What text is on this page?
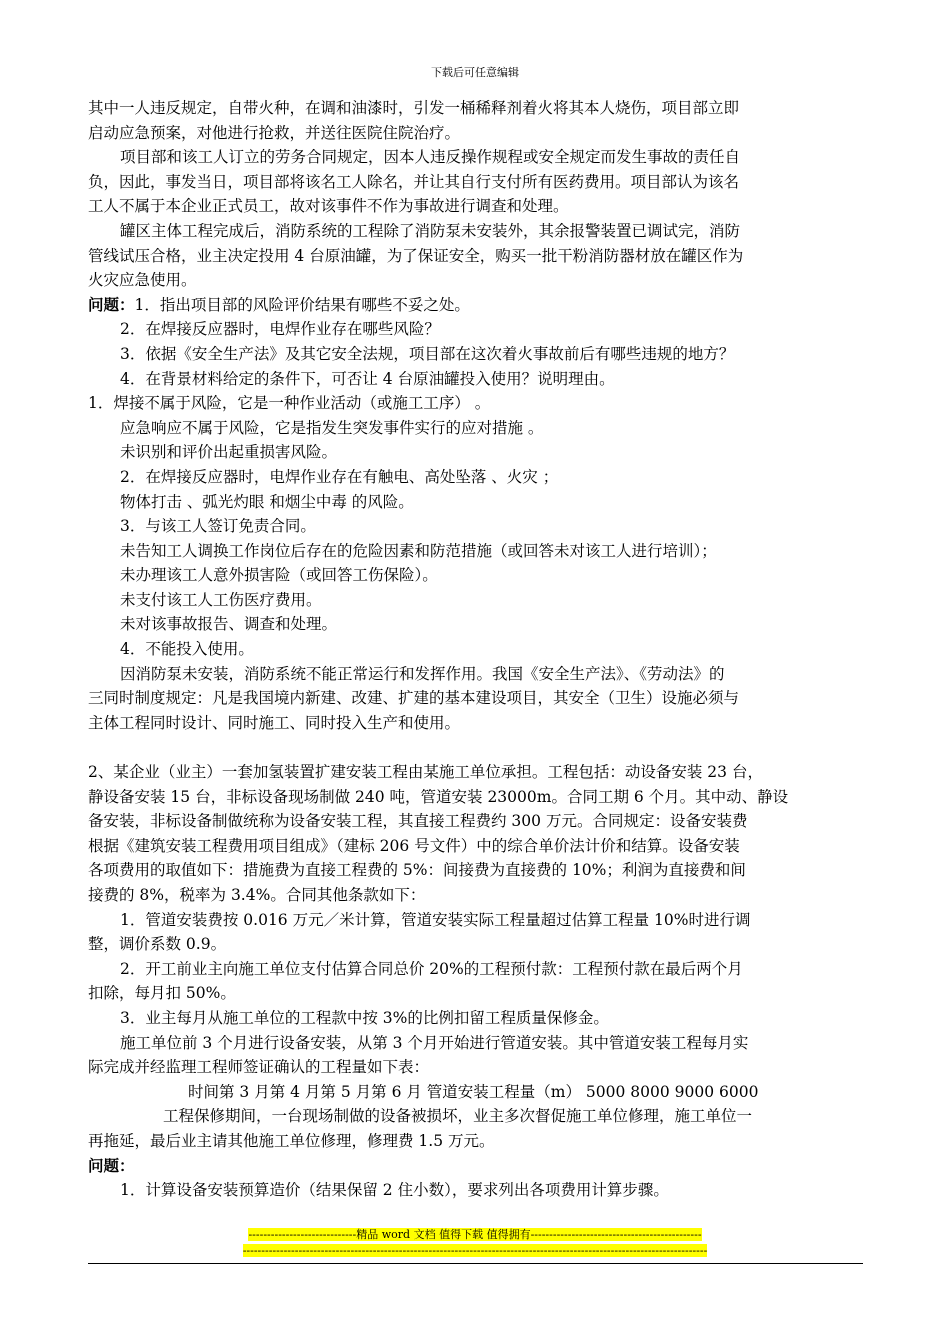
下载后可任意编辑

其中一人违反规定，自带火种，在调和油漆时，引发一桶稀释剂着火将其本人烧伤，项目部立即

启动应急预案，对他进行抢救，并送往医院住院治疗。

项目部和该工人订立的劳务合同规定，因本人违反操作规程或安全规定而发生事故的责任自

负，因此，事发当日，项目部将该名工人除名，并让其自行支付所有医药费用。项目部认为该名

工人不属于本企业正式员工，故对该事件不作为事故进行调查和处理。

罐区主体工程完成后，消防系统的工程除了消防泵未安装外，其余报警装置已调试完，消防

管线试压合格，业主决定投用 4 台原油罐，为了保证安全，购买一批干粉消防器材放在罐区作为

火灾应急使用。

问题：1．指出项目部的风险评价结果有哪些不妥之处。

2．在焊接反应器时，电焊作业存在哪些风险？

3．依据《安全生产法》及其它安全法规，项目部在这次着火事故前后有哪些违规的地方？

4．在背景材料给定的条件下，可否让 4 台原油罐投入使用？说明理由。

1．焊接不属于风险，它是一种作业活动（或施工工序） 。

应急响应不属于风险，它是指发生突发事件实行的应对措施 。

未识别和评价出起重损害风险。

2．在焊接反应器时，电焊作业存在有触电、高处坠落 、火灾 ；

物体打击 、弧光灼眼 和烟尘中毒 的风险。

3．与该工人签订免责合同。

未告知工人调换工作岗位后存在的危险因素和防范措施（或回答未对该工人进行培训）；

未办理该工人意外损害险（或回答工伤保险）。

未支付该工人工伤医疗费用。

未对该事故报告、调查和处理。

4．不能投入使用。

因消防泵未安装，消防系统不能正常运行和发挥作用。我国《安全生产法》、《劳动法》的

三同时制度规定：凡是我国境内新建、改建、扩建的基本建设项目，其安全（卫生）设施必须与

主体工程同时设计、同时施工、同时投入生产和使用。

2、某企业（业主）一套加氢装置扩建安装工程由某施工单位承担。工程包括：动设备安装 23 台，

静设备安装 15 台，非标设备现场制做 240 吨，管道安装 23000m。合同工期 6 个月。其中动、静设

备安装，非标设备制做统称为设备安装工程，其直接工程费约 300 万元。合同规定：设备安装费

根据《建筑安装工程费用项目组成》（建标 206 号文件）中的综合单价法计价和结算。设备安装

各项费用的取值如下：措施费为直接工程费的 5%：间接费为直接费的 10%；利润为直接费和间

接费的 8%，税率为 3.4%。合同其他条款如下：

1．管道安装费按 0.016 万元／米计算，管道安装实际工程量超过估算工程量 10%时进行调

整，调价系数 0.9。

2．开工前业主向施工单位支付估算合同总价 20%的工程预付款：工程预付款在最后两个月

扣除，每月扣 50%。

3．业主每月从施工单位的工程款中按 3%的比例扣留工程质量保修金。

施工单位前 3 个月进行设备安装，从第 3 个月开始进行管道安装。其中管道安装工程每月实

际完成并经监理工程师签证确认的工程量如下表：

时间第 3 月第 4 月第 5 月第 6 月 管道安装工程量（m） 5000 8000 9000 6000

工程保修期间，一台现场制做的设备被损坏，业主多次督促施工单位修理，施工单位一

再拖延，最后业主请其他施工单位修理，修理费 1.5 万元。

问题：

1．计算设备安装预算造价（结果保留 2 住小数），要求列出各项费用计算步骤。

-----------------------------精品 word 文档 值得下载 值得拥有----------------------------------------------
-----------------------------------------------------------------------------------------------------------------------------
